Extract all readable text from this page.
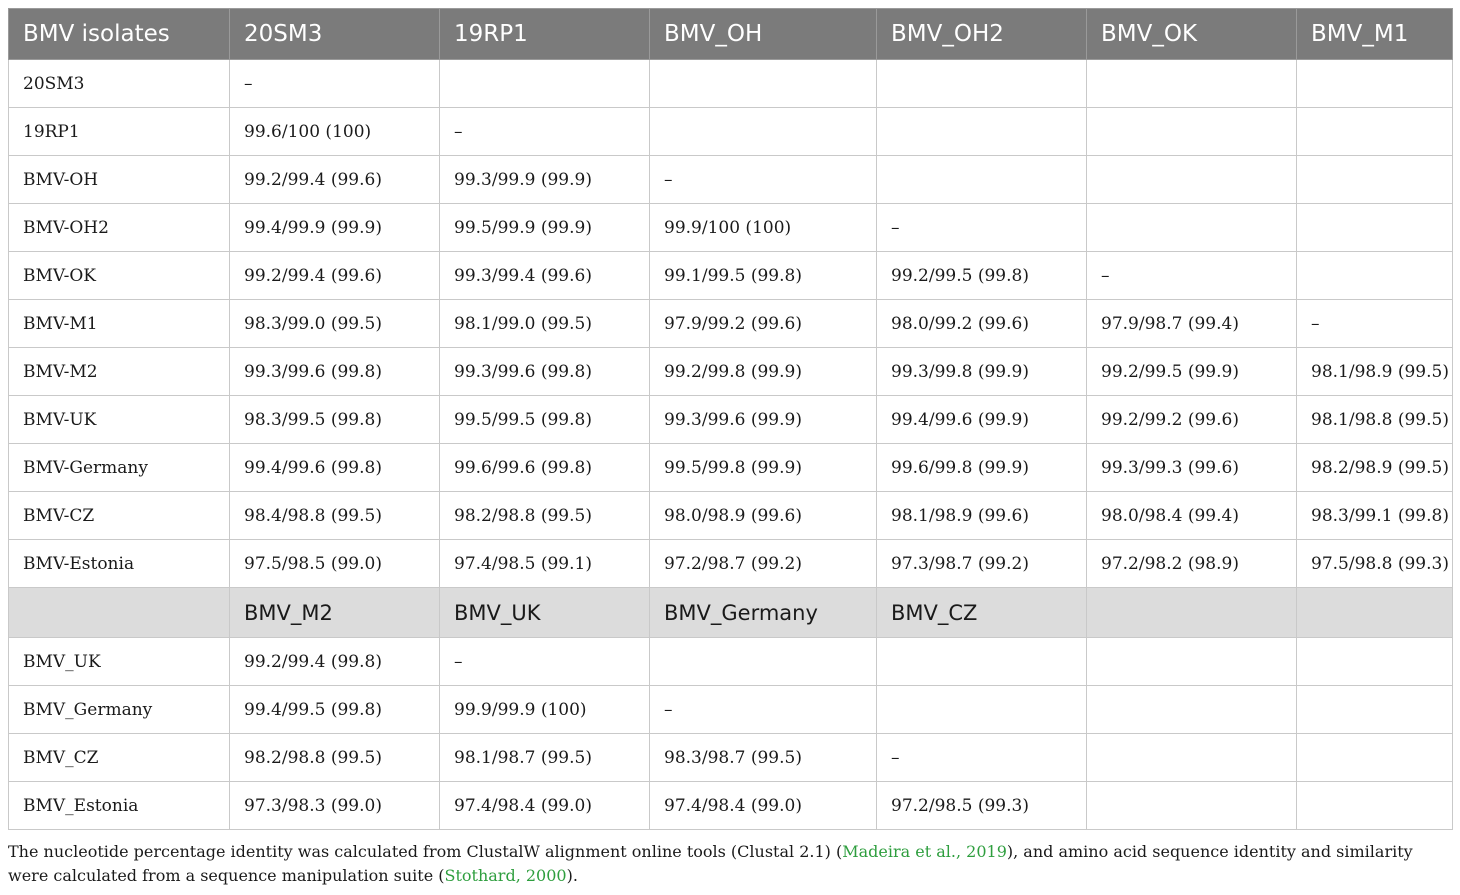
BMV isolates	20SM3	19RP1	BMV_OH	BMV_OH2	BMV_OK	BMV_M1
20SM3	–					
19RP1	99.6/100 (100)	–				
BMV-OH	99.2/99.4 (99.6)	99.3/99.9 (99.9)	–			
BMV-OH2	99.4/99.9 (99.9)	99.5/99.9 (99.9)	99.9/100 (100)	–		
BMV-OK	99.2/99.4 (99.6)	99.3/99.4 (99.6)	99.1/99.5 (99.8)	99.2/99.5 (99.8)	–	
BMV-M1	98.3/99.0 (99.5)	98.1/99.0 (99.5)	97.9/99.2 (99.6)	98.0/99.2 (99.6)	97.9/98.7 (99.4)	–
BMV-M2	99.3/99.6 (99.8)	99.3/99.6 (99.8)	99.2/99.8 (99.9)	99.3/99.8 (99.9)	99.2/99.5 (99.9)	98.1/98.9 (99.5)
BMV-UK	98.3/99.5 (99.8)	99.5/99.5 (99.8)	99.3/99.6 (99.9)	99.4/99.6 (99.9)	99.2/99.2 (99.6)	98.1/98.8 (99.5)
BMV-Germany	99.4/99.6 (99.8)	99.6/99.6 (99.8)	99.5/99.8 (99.9)	99.6/99.8 (99.9)	99.3/99.3 (99.6)	98.2/98.9 (99.5)
BMV-CZ	98.4/98.8 (99.5)	98.2/98.8 (99.5)	98.0/98.9 (99.6)	98.1/98.9 (99.6)	98.0/98.4 (99.4)	98.3/99.1 (99.8)
BMV-Estonia	97.5/98.5 (99.0)	97.4/98.5 (99.1)	97.2/98.7 (99.2)	97.3/98.7 (99.2)	97.2/98.2 (98.9)	97.5/98.8 (99.3)
	BMV_M2	BMV_UK	BMV_Germany	BMV_CZ		
BMV_UK	99.2/99.4 (99.8)	–				
BMV_Germany	99.4/99.5 (99.8)	99.9/99.9 (100)	–			
BMV_CZ	98.2/98.8 (99.5)	98.1/98.7 (99.5)	98.3/98.7 (99.5)	–		
BMV_Estonia	97.3/98.3 (99.0)	97.4/98.4 (99.0)	97.4/98.4 (99.0)	97.2/98.5 (99.3)		
The nucleotide percentage identity was calculated from ClustalW alignment online tools (Clustal 2.1) (Madeira et al., 2019), and amino acid sequence identity and similarity were calculated from a sequence manipulation suite (Stothard, 2000).
